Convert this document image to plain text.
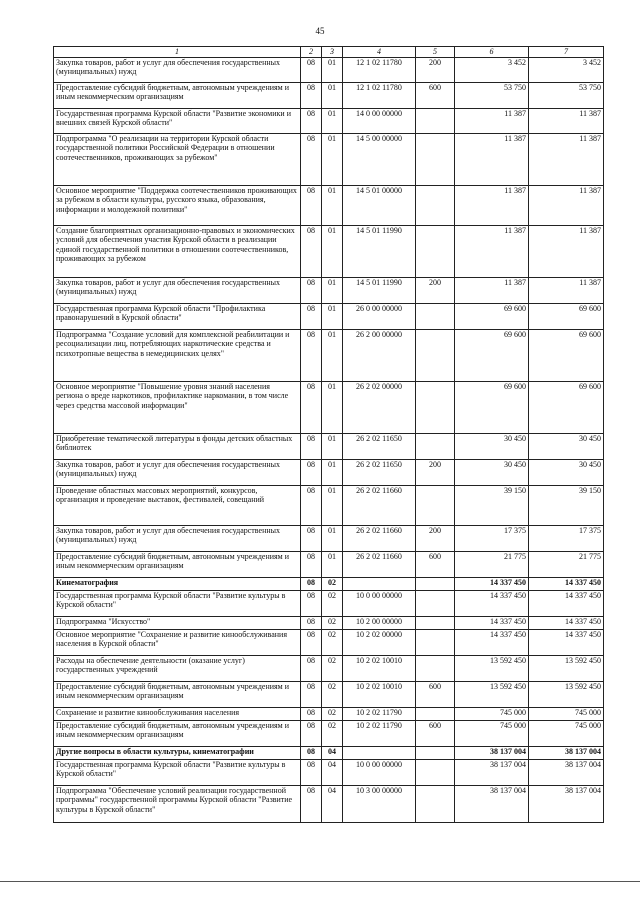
45
1	2	3	4	5	6	7
Закупка товаров, работ и услуг для обеспечения государственных (муниципальных) нужд	08	01	12 1 02 11780	200	3 452	3 452
Предоставление субсидий бюджетным, автономным учреждениям и иным некоммерческим организациям	08	01	12 1 02 11780	600	53 750	53 750
Государственная программа Курской области "Развитие экономики и внешних связей Курской области"	08	01	14 0 00 00000		11 387	11 387
Подпрограмма "О реализации на территории Курской области государственной политики Российской Федерации в отношении соотечественников, проживающих за рубежом"	08	01	14 5 00 00000		11 387	11 387
Основное мероприятие "Поддержка соотечественников проживающих за рубежом в области культуры, русского языка, образования, информации и молодежной политики"	08	01	14 5 01 00000		11 387	11 387
Создание благоприятных организационно-правовых и экономических условий для обеспечения участия Курской области в реализации единой государственной политики в отношении соотечественников, проживающих за рубежом	08	01	14 5 01 11990		11 387	11 387
Закупка товаров, работ и услуг для обеспечения государственных (муниципальных) нужд	08	01	14 5 01 11990	200	11 387	11 387
Государственная программа Курской области "Профилактика правонарушений в Курской области"	08	01	26 0 00 00000		69 600	69 600
Подпрограмма "Создание условий для комплексной реабилитации и ресоциализации лиц, потребляющих наркотические средства и психотропные вещества в немедицинских целях"	08	01	26 2 00 00000		69 600	69 600
Основное мероприятие "Повышение уровня знаний населения региона о вреде наркотиков, профилактике наркомании, в том числе через средства массовой информации"	08	01	26 2 02 00000		69 600	69 600
Приобретение тематической литературы в фонды детских областных библиотек	08	01	26 2 02 11650		30 450	30 450
Закупка товаров, работ и услуг для обеспечения государственных (муниципальных) нужд	08	01	26 2 02 11650	200	30 450	30 450
Проведение областных массовых мероприятий, конкурсов, организация и проведение выставок, фестивалей, совещаний	08	01	26 2 02 11660		39 150	39 150
Закупка товаров, работ и услуг для обеспечения государственных (муниципальных) нужд	08	01	26 2 02 11660	200	17 375	17 375
Предоставление субсидий бюджетным, автономным учреждениям и иным некоммерческим организациям	08	01	26 2 02 11660	600	21 775	21 775
Кинематография	08	02			14 337 450	14 337 450
Государственная программа Курской области "Развитие культуры в Курской области"	08	02	10 0 00 00000		14 337 450	14 337 450
Подпрограмма "Искусство"	08	02	10 2 00 00000		14 337 450	14 337 450
Основное мероприятие "Сохранение и развитие кинообслуживания населения в Курской области"	08	02	10 2 02 00000		14 337 450	14 337 450
Расходы на обеспечение деятельности (оказание услуг) государственных учреждений	08	02	10 2 02 10010		13 592 450	13 592 450
Предоставление субсидий бюджетным, автономным учреждениям и иным некоммерческим организациям	08	02	10 2 02 10010	600	13 592 450	13 592 450
Сохранение и развитие кинообслуживания населения	08	02	10 2 02 11790		745 000	745 000
Предоставление субсидий бюджетным, автономным учреждениям и иным некоммерческим организациям	08	02	10 2 02 11790	600	745 000	745 000
Другие вопросы в области культуры, кинематографии	08	04			38 137 004	38 137 004
Государственная программа Курской области "Развитие культуры в Курской области"	08	04	10 0 00 00000		38 137 004	38 137 004
Подпрограмма "Обеспечение условий реализации государственной программы" государственной программы Курской области "Развитие культуры в Курской области"	08	04	10 3 00 00000		38 137 004	38 137 004
